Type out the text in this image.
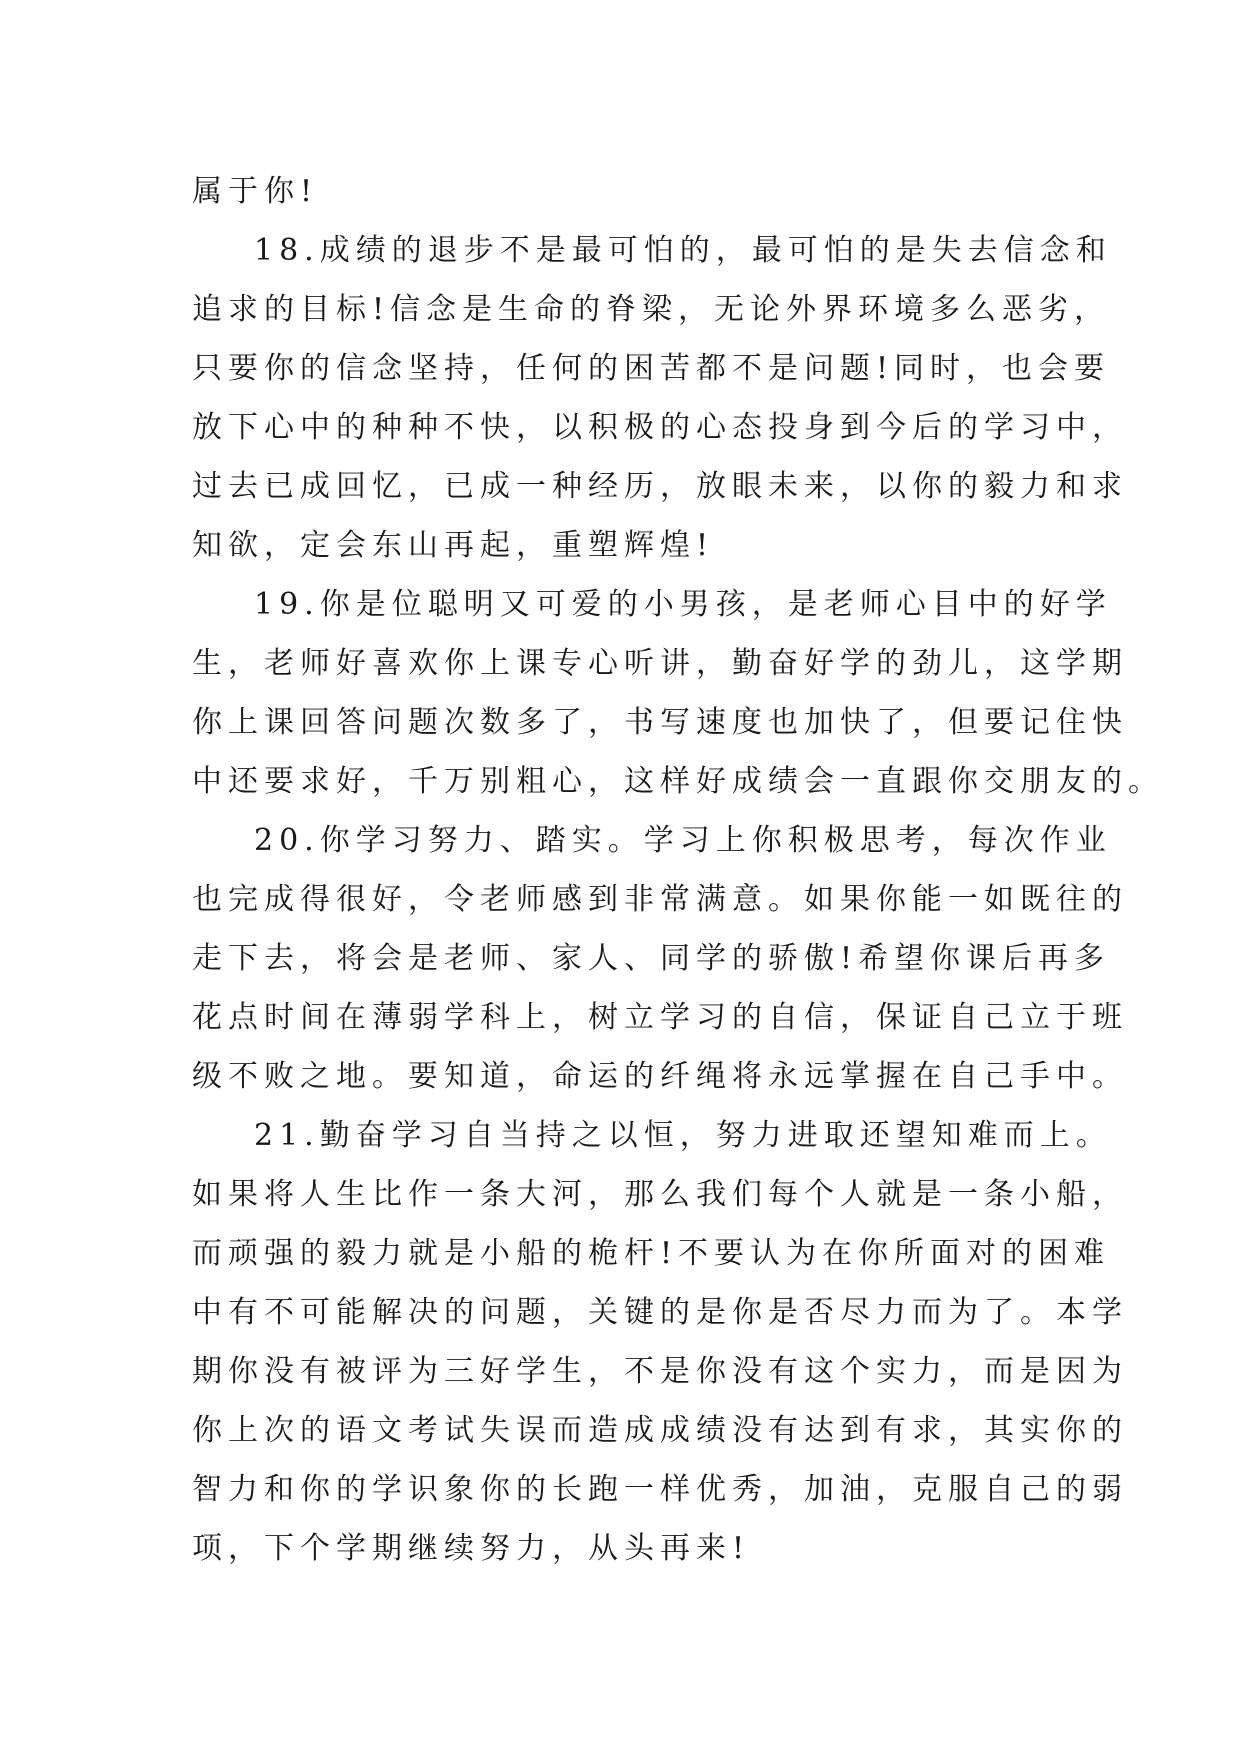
属于你!
18.成绩的退步不是最可怕的，最可怕的是失去信念和
追求的目标!信念是生命的脊梁，无论外界环境多么恶劣，
只要你的信念坚持，任何的困苦都不是问题!同时，也会要
放下心中的种种不快，以积极的心态投身到今后的学习中，
过去已成回忆，已成一种经历，放眼未来，以你的毅力和求
知欲，定会东山再起，重塑辉煌!
19.你是位聪明又可爱的小男孩，是老师心目中的好学
生，老师好喜欢你上课专心听讲，勤奋好学的劲儿，这学期
你上课回答问题次数多了，书写速度也加快了，但要记住快
中还要求好，千万别粗心，这样好成绩会一直跟你交朋友的。
20.你学习努力、踏实。学习上你积极思考，每次作业
也完成得很好，令老师感到非常满意。如果你能一如既往的
走下去，将会是老师、家人、同学的骄傲!希望你课后再多
花点时间在薄弱学科上，树立学习的自信，保证自己立于班
级不败之地。要知道，命运的纤绳将永远掌握在自己手中。
21.勤奋学习自当持之以恒，努力进取还望知难而上。
如果将人生比作一条大河，那么我们每个人就是一条小船，
而顽强的毅力就是小船的桅杆!不要认为在你所面对的困难
中有不可能解决的问题，关键的是你是否尽力而为了。本学
期你没有被评为三好学生，不是你没有这个实力，而是因为
你上次的语文考试失误而造成成绩没有达到有求，其实你的
智力和你的学识象你的长跑一样优秀，加油，克服自己的弱
项，下个学期继续努力，从头再来!
